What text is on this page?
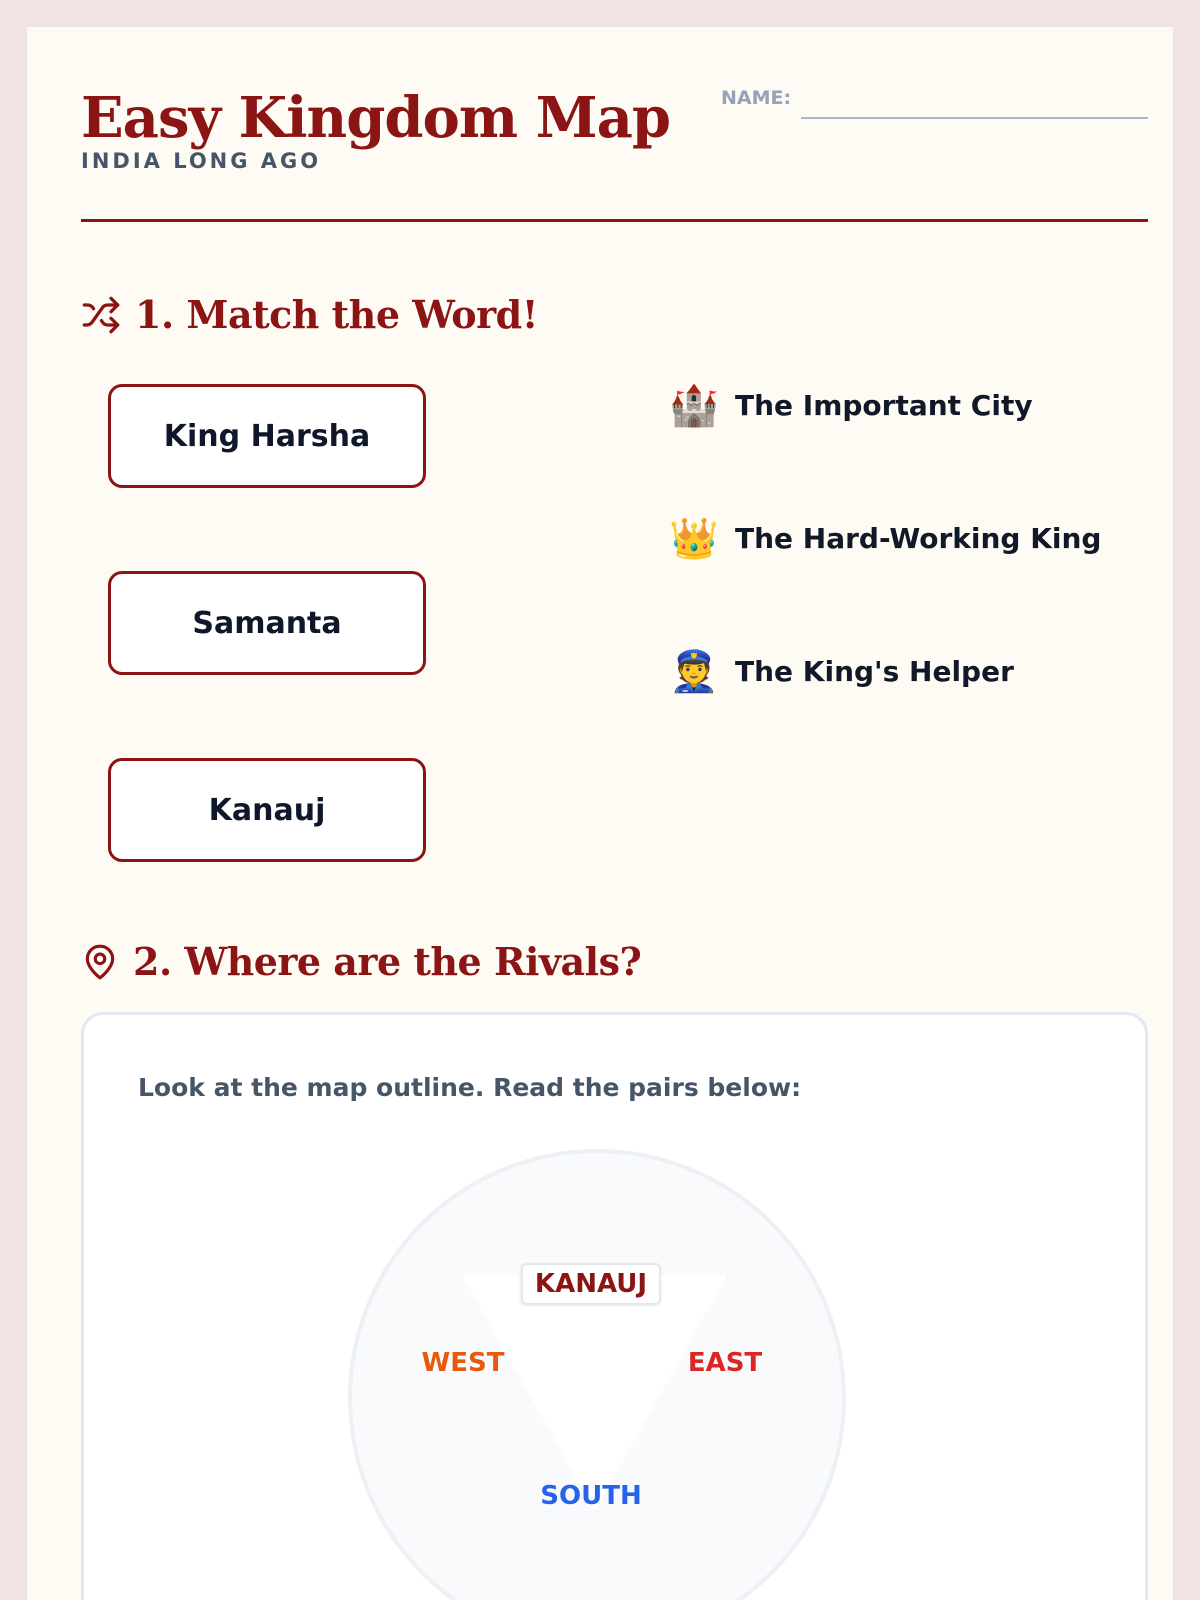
Easy Kingdom Map
INDIA LONG AGO
NAME:
1. Match the Word!
King Harsha
Samanta
Kanauj
🏰 The Important City
👑 The Hard-Working King
👮 The King's Helper
2. Where are the Rivals?
Look at the map outline. Read the pairs below:
KANAUJ
WEST	EAST
SOUTH
